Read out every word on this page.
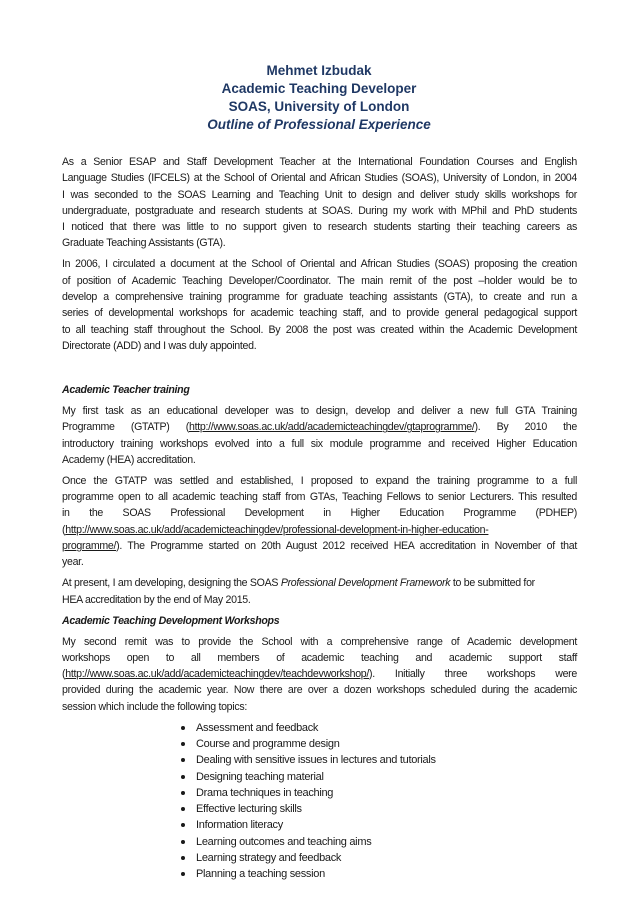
Mehmet Izbudak
Academic Teaching Developer
SOAS, University of London
Outline of Professional Experience
As a Senior ESAP and Staff Development Teacher at the International Foundation Courses and English
Language Studies (IFCELS) at the School of Oriental and African Studies (SOAS), University of London, in 2004
I was seconded to the SOAS Learning and Teaching Unit to design and deliver study skills workshops for
undergraduate, postgraduate and research students at SOAS. During my work with MPhil and PhD students
I noticed that there was little to no support given to research students starting their teaching careers as
Graduate Teaching Assistants (GTA).
In 2006, I circulated a document at the School of Oriental and African Studies (SOAS) proposing the creation
of position of Academic Teaching Developer/Coordinator. The main remit of the post –holder would be to
develop a comprehensive training programme for graduate teaching assistants (GTA), to create and run a
series of developmental workshops for academic teaching staff, and to provide general pedagogical support
to all teaching staff throughout the School. By 2008 the post was created within the Academic Development
Directorate (ADD) and I was duly appointed.
Academic Teacher training
My first task as an educational developer was to design, develop and deliver a new full GTA Training
Programme (GTATP) (http://www.soas.ac.uk/add/academicteachingdev/gtaprogramme/). By 2010 the
introductory training workshops evolved into a full six module programme and received Higher Education
Academy (HEA) accreditation.
Once the GTATP was settled and established, I proposed to expand the training programme to a full
programme open to all academic teaching staff from GTAs, Teaching Fellows to senior Lecturers. This resulted
in the SOAS Professional Development in Higher Education Programme (PDHEP)
(http://www.soas.ac.uk/add/academicteachingdev/professional-development-in-higher-education-
programme/). The Programme started on 20th August 2012 received HEA accreditation in November of that
year.
At present, I am developing, designing the SOAS Professional Development Framework to be submitted for
HEA accreditation by the end of May 2015.
Academic Teaching Development Workshops
My second remit was to provide the School with a comprehensive range of Academic development
workshops open to all members of academic teaching and academic support staff
(http://www.soas.ac.uk/add/academicteachingdev/teachdevworkshop/). Initially three workshops were
provided during the academic year. Now there are over a dozen workshops scheduled during the academic
session which include the following topics:
Assessment and feedback
Course and programme design
Dealing with sensitive issues in lectures and tutorials
Designing teaching material
Drama techniques in teaching
Effective lecturing skills
Information literacy
Learning outcomes and teaching aims
Learning strategy and feedback
Planning a teaching session
